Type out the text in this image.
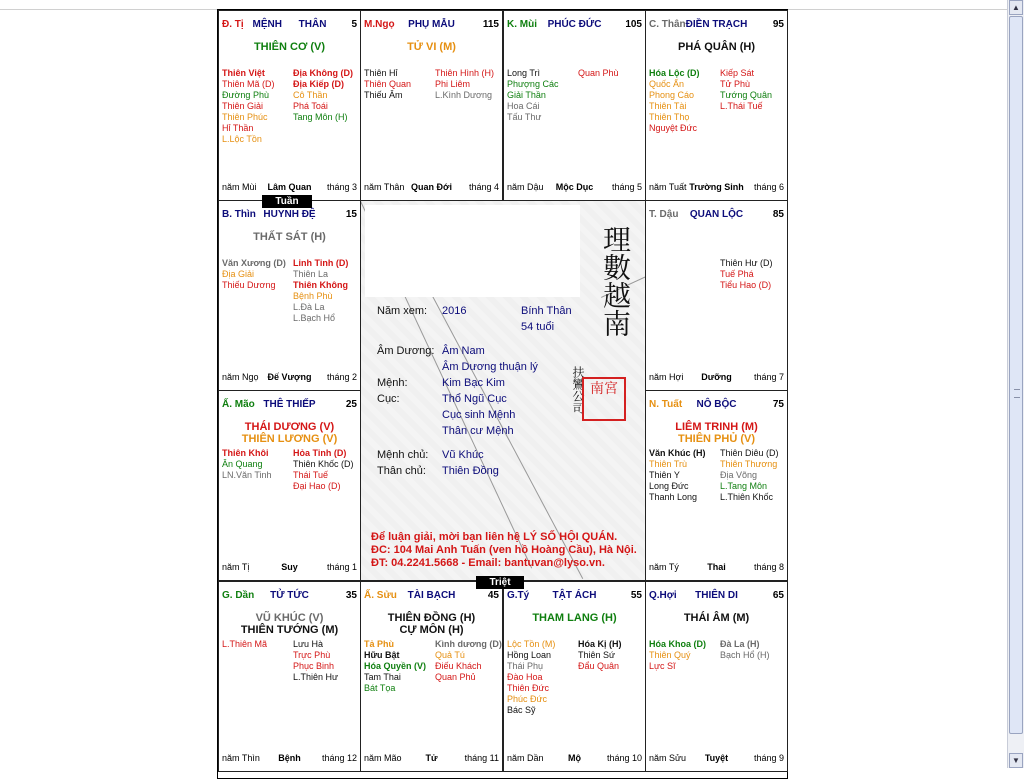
Đ. Tị MỆNH THÂN	5
THIÊN CƠ (V)
Thiên Việt
Thiên Mã (D)
Đường Phù
Thiên Giải
Thiên Phúc
Hỉ Thần
L.Lộc Tồn
Địa Không (D)
Địa Kiếp (D)
Cô Thần
Phá Toái
Tang Môn (H)
năm Mùi	Lâm Quan	tháng 3
M.Ngọ	PHỤ MẪU	115
TỬ VI (M)
Thiên Hỉ
Thiên Quan
Thiếu Âm
Thiên Hình (H)
Phi Liêm
L.Kình Dương
năm Thân Quan Đới	tháng 4
K. Mùi	PHÚC ĐỨC	105
Long Trì
Phượng Các
Giải Thần
Hoa Cái
Tấu Thư
Quan Phù
năm Dậu	Mộc Dục	tháng 5
C. Thân ĐIỀN TRẠCH	95
PHÁ QUÂN (H)
Hóa Lộc (D)
Quốc Ấn
Phong Cáo
Thiên Tài
Thiên Thọ
Nguyệt Đức
Kiếp Sát
Tử Phù
Tướng Quân
L.Thái Tuế
năm Tuất Trường Sinh	tháng 6
B. Thìn HUYNH ĐỆ	15
THẤT SÁT (H)
Văn Xương (D)
Địa Giải
Thiếu Dương
Linh Tinh (D)
Thiên La
Thiên Không
Bệnh Phù
L.Đà La
L.Bạch Hổ
năm Ngọ	Đế Vượng	tháng 2
T. Dậu	QUAN LỘC	85
Thiên Hư (D)
Tuế Phá
Tiểu Hao (D)
năm Hợi	Dưỡng	tháng 7
Ấ. Mão THÊ THIẾP	25
THÁI DƯƠNG (V)
THIÊN LƯƠNG (V)
Thiên Khôi
Ân Quang
LN.Văn Tinh
Hỏa Tinh (D)
Thiên Khốc (D)
Thái Tuế
Đại Hao (D)
năm Tị	Suy	tháng 1
N. Tuất	NÔ BỘC	75
LIÊM TRINH (M)
THIÊN PHỦ (V)
Văn Khúc (H)
Thiên Trù
Thiên Y
Long Đức
Thanh Long
Thiên Diêu (D)
Thiên Thương
Địa Võng
L.Tang Môn
L.Thiên Khốc
năm Tý	Thai	tháng 8
G. Dần	TỬ TỨC	35
VŨ KHÚC (V)
THIÊN TƯỚNG (M)
L.Thiên Mã	Lưu Hà
Trực Phù
Phục Binh
L.Thiên Hư
năm Thìn	Bệnh	tháng 12
Ấ. Sửu	TÀI BẠCH	45
THIÊN ĐỒNG (H)
CỰ MÔN (H)
Tả Phù
Hữu Bật
Hóa Quyền (V)
Tam Thai
Bát Tọa
Kình dương (D)
Quả Tú
Điếu Khách
Quan Phủ
năm Mão	Tử	tháng 11
G.Tý	TẬT ÁCH	55
THAM LANG (H)
Lộc Tồn (M)
Hồng Loan
Thái Phụ
Đào Hoa
Thiên Đức
Phúc Đức
Bác Sỹ
Hóa Kị (H)
Thiên Sứ
Đẩu Quân
năm Dần	Mộ	tháng 10
Q.Hợi	THIÊN DI	65
THÁI ÂM (M)
Hóa Khoa (D)
Thiên Quý
Lực Sĩ
Đà La (H)
Bạch Hổ (H)
năm Sửu	Tuyệt	tháng 9
Tuần
Triệt
理數越南
扶鸞公司 南宮
Năm xem: 2016	Bính Thân
54 tuổi
Âm Dương: Âm Nam
Âm Dương thuận lý
Mệnh:	Kim Bạc Kim
Cục:	Thổ Ngũ Cục
Cục sinh Mệnh
Thân cư Mệnh
Mệnh chủ: Vũ Khúc
Thân chủ: Thiên Đồng
Để luận giải, mời bạn liên hệ LÝ SỐ HỘI QUÁN.
ĐC: 104 Mai Anh Tuấn (ven hồ Hoàng Cầu), Hà Nội.
ĐT: 04.2241.5668 - Email: bantuvan@lyso.vn.
▲
▼
